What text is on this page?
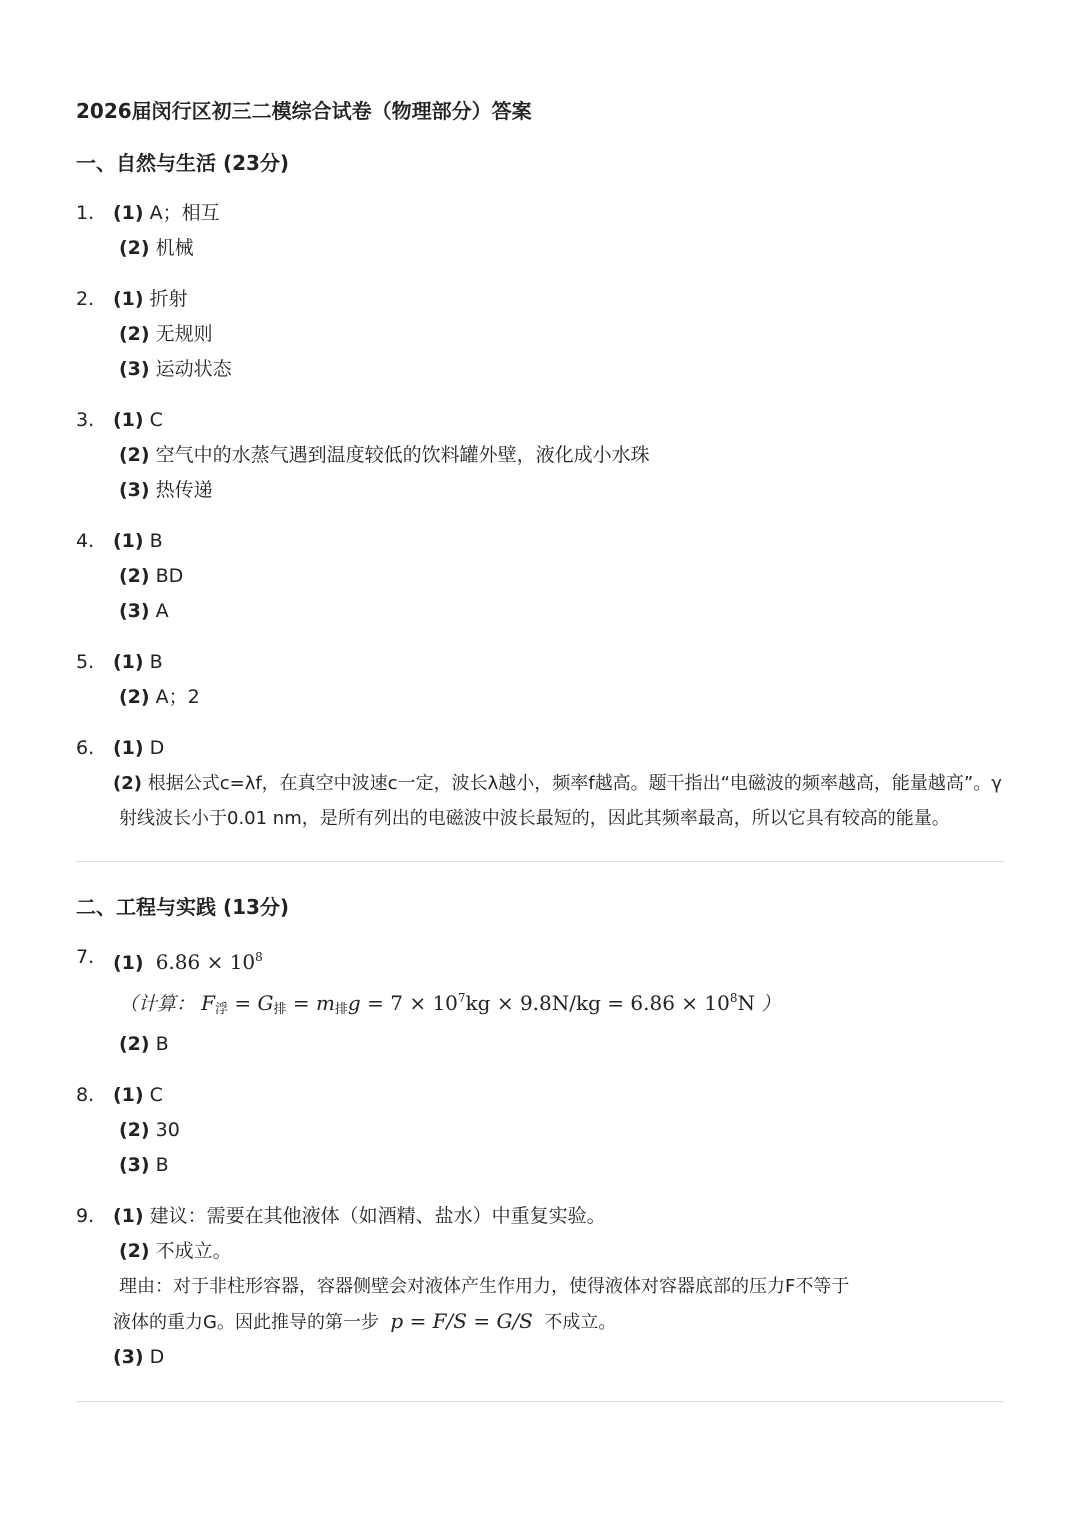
2026届闵行区初三二模综合试卷（物理部分）答案
一、自然与生活 (23分)
1. (1) A；相互
(2) 机械
2. (1) 折射
(2) 无规则
(3) 运动状态
3. (1) C
(2) 空气中的水蒸气遇到温度较低的饮料罐外壁，液化成小水珠
(3) 热传递
4. (1) B
(2) BD
(3) A
5. (1) B
(2) A；2
6. (1) D
(2) 根据公式c=λf，在真空中波速c一定，波长λ越小，频率f越高。题干指出“电磁波的频率越高，能量越高”。γ射线波长小于0.01 nm，是所有列出的电磁波中波长最短的，因此其频率最高，所以它具有较高的能量。
二、工程与实践 (13分)
7. (1) $6.86 \times 10^8$
（计算： $F_浮 = G_排 = m_排g = 7 \times 10^7kg \times 9.8N/kg = 6.86 \times 10^8N$ ）
(2) B
8. (1) C
(2) 30
(3) B
9. (1) 建议：需要在其他液体（如酒精、盐水）中重复实验。
(2) 不成立。
理由：对于非柱形容器，容器侧壁会对液体产生作用力，使得液体对容器底部的压力F不等于
液体的重力G。因此推导的第一步 p = F/S = G/S 不成立。
(3) D
